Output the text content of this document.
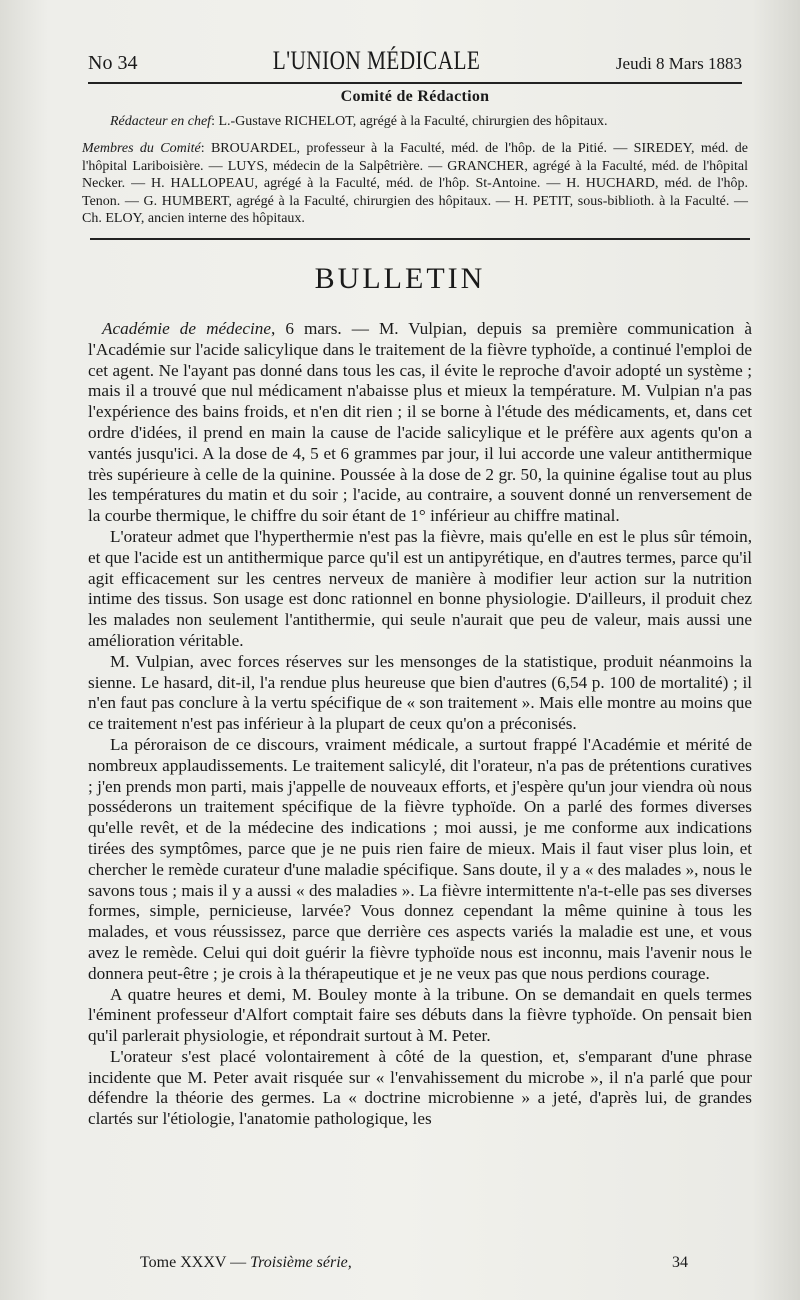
No 34	L'UNION MÉDICALE	Jeudi 8 Mars 1883
Comité de Rédaction
Rédacteur en chef: L.-Gustave RICHELOT, agrégé à la Faculté, chirurgien des hôpitaux.

Membres du Comité: BROUARDEL, professeur à la Faculté, méd. de l'hôp. de la Pitié. — SIREDEY, méd. de l'hôpital Lariboisière. — LUYS, médecin de la Salpêtrière. — GRANCHER, agrégé à la Faculté, méd. de l'hôpital Necker. — H. HALLOPEAU, agrégé à la Faculté, méd. de l'hôp. St-Antoine. — H. HUCHARD, méd. de l'hôp. Tenon. — G. HUMBERT, agrégé à la Faculté, chirurgien des hôpitaux. — H. PETIT, sous-biblioth. à la Faculté. — Ch. ELOY, ancien interne des hôpitaux.

BULLETIN

Académie de médecine, 6 mars. — M. Vulpian, depuis sa première communication à l'Académie sur l'acide salicylique dans le traitement de la fièvre typhoïde, a continué l'emploi de cet agent. Ne l'ayant pas donné dans tous les cas, il évite le reproche d'avoir adopté un système ; mais il a trouvé que nul médicament n'abaisse plus et mieux la température. M. Vulpian n'a pas l'expérience des bains froids, et n'en dit rien ; il se borne à l'étude des médicaments, et, dans cet ordre d'idées, il prend en main la cause de l'acide salicylique et le préfère aux agents qu'on a vantés jusqu'ici. A la dose de 4, 5 et 6 grammes par jour, il lui accorde une valeur antithermique très supérieure à celle de la quinine. Poussée à la dose de 2 gr. 50, la quinine égalise tout au plus les températures du matin et du soir ; l'acide, au contraire, a souvent donné un renversement de la courbe thermique, le chiffre du soir étant de 1° inférieur au chiffre matinal.

L'orateur admet que l'hyperthermie n'est pas la fièvre, mais qu'elle en est le plus sûr témoin, et que l'acide est un antithermique parce qu'il est un antipyrétique, en d'autres termes, parce qu'il agit efficacement sur les centres nerveux de manière à modifier leur action sur la nutrition intime des tissus. Son usage est donc rationnel en bonne physiologie. D'ailleurs, il produit chez les malades non seulement l'antithermie, qui seule n'aurait que peu de valeur, mais aussi une amélioration véritable.

M. Vulpian, avec forces réserves sur les mensonges de la statistique, produit néanmoins la sienne. Le hasard, dit-il, l'a rendue plus heureuse que bien d'autres (6,54 p. 100 de mortalité) ; il n'en faut pas conclure à la vertu spécifique de « son traitement ». Mais elle montre au moins que ce traitement n'est pas inférieur à la plupart de ceux qu'on a préconisés.

La péroraison de ce discours, vraiment médicale, a surtout frappé l'Académie et mérité de nombreux applaudissements. Le traitement salicylé, dit l'orateur, n'a pas de prétentions curatives ; j'en prends mon parti, mais j'appelle de nouveaux efforts, et j'espère qu'un jour viendra où nous posséderons un traitement spécifique de la fièvre typhoïde. On a parlé des formes diverses qu'elle revêt, et de la médecine des indications ; moi aussi, je me conforme aux indications tirées des symptômes, parce que je ne puis rien faire de mieux. Mais il faut viser plus loin, et chercher le remède curateur d'une maladie spécifique. Sans doute, il y a « des malades », nous le savons tous ; mais il y a aussi « des maladies ». La fièvre intermittente n'a-t-elle pas ses diverses formes, simple, pernicieuse, larvée? Vous donnez cependant la même quinine à tous les malades, et vous réussissez, parce que derrière ces aspects variés la maladie est une, et vous avez le remède. Celui qui doit guérir la fièvre typhoïde nous est inconnu, mais l'avenir nous le donnera peut-être ; je crois à la thérapeutique et je ne veux pas que nous perdions courage.

A quatre heures et demi, M. Bouley monte à la tribune. On se demandait en quels termes l'éminent professeur d'Alfort comptait faire ses débuts dans la fièvre typhoïde. On pensait bien qu'il parlerait physiologie, et répondrait surtout à M. Peter.

L'orateur s'est placé volontairement à côté de la question, et, s'emparant d'une phrase incidente que M. Peter avait risquée sur « l'envahissement du microbe », il n'a parlé que pour défendre la théorie des germes. La « doctrine microbienne » a jeté, d'après lui, de grandes clartés sur l'étiologie, l'anatomie pathologique, les

Tome XXXV — Troisième série,	34
